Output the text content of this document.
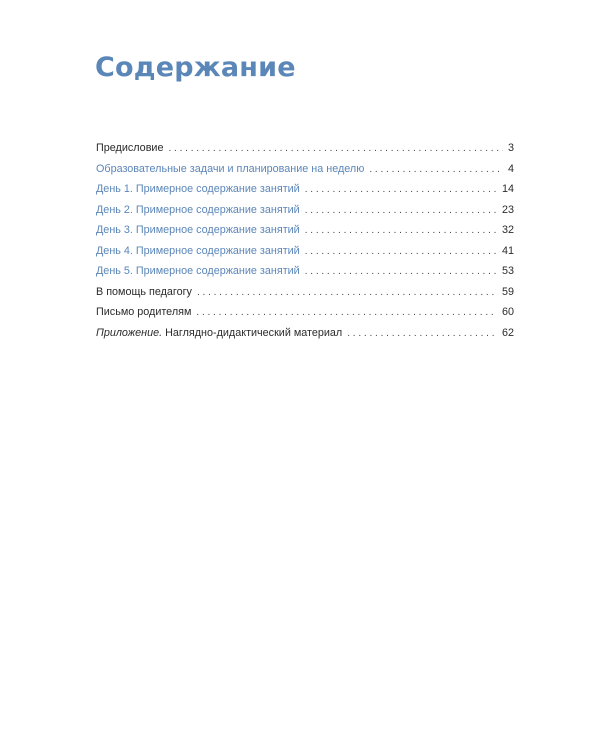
Содержание
Предисловие . . .	3
Образовательные задачи и планирование на неделю . . .	4
День 1. Примерное содержание занятий . . .	14
День 2. Примерное содержание занятий . . .	23
День 3. Примерное содержание занятий . . .	32
День 4. Примерное содержание занятий . . .	41
День 5. Примерное содержание занятий . . .	53
В помощь педагогу . . .	59
Письмо родителям . . .	60
Приложение. Наглядно-дидактический материал . . .	62
